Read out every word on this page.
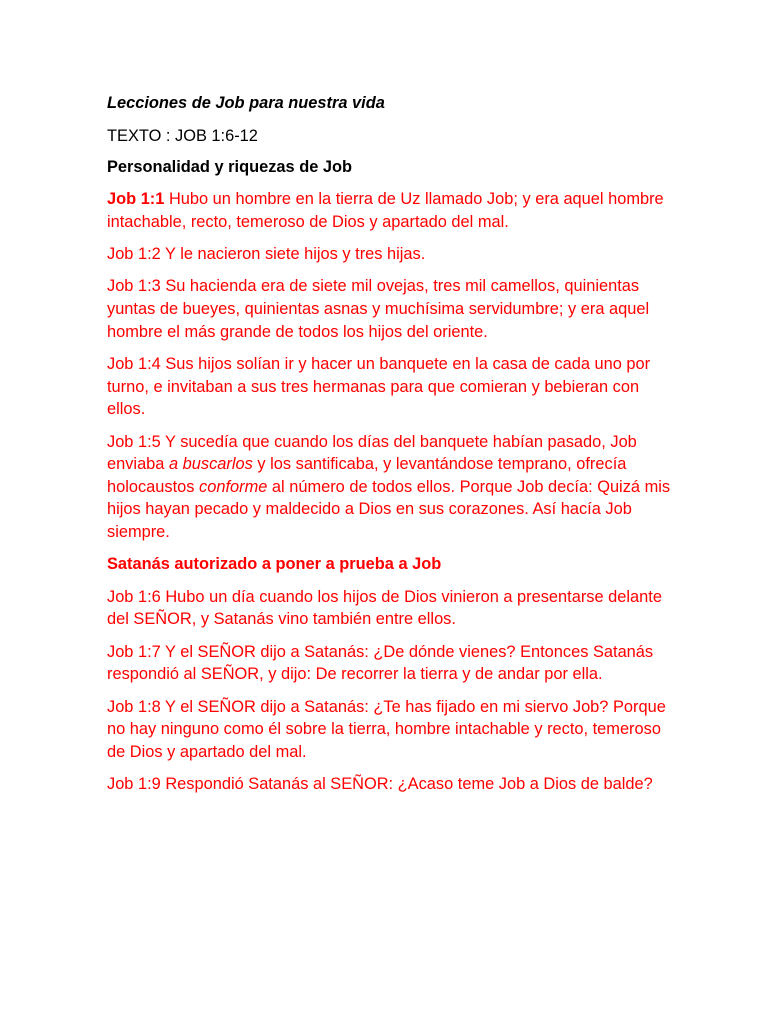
Lecciones de Job para nuestra vida

TEXTO : JOB 1:6-12

Personalidad y riquezas de Job

Job 1:1 Hubo un hombre en la tierra de Uz llamado Job; y era aquel hombre intachable, recto, temeroso de Dios y apartado del mal.

Job 1:2 Y le nacieron siete hijos y tres hijas.

Job 1:3 Su hacienda era de siete mil ovejas, tres mil camellos, quinientas yuntas de bueyes, quinientas asnas y muchísima servidumbre; y era aquel hombre el más grande de todos los hijos del oriente.

Job 1:4 Sus hijos solían ir y hacer un banquete en la casa de cada uno por turno, e invitaban a sus tres hermanas para que comieran y bebieran con ellos.

Job 1:5 Y sucedía que cuando los días del banquete habían pasado, Job enviaba a buscarlos y los santificaba, y levantándose temprano, ofrecía holocaustos conforme al número de todos ellos. Porque Job decía: Quizá mis hijos hayan pecado y maldecido a Dios en sus corazones. Así hacía Job siempre.

Satanás autorizado a poner a prueba a Job

Job 1:6 Hubo un día cuando los hijos de Dios vinieron a presentarse delante del SEÑOR, y Satanás vino también entre ellos.

Job 1:7 Y el SEÑOR dijo a Satanás: ¿De dónde vienes? Entonces Satanás respondió al SEÑOR, y dijo: De recorrer la tierra y de andar por ella.

Job 1:8 Y el SEÑOR dijo a Satanás: ¿Te has fijado en mi siervo Job? Porque no hay ninguno como él sobre la tierra, hombre intachable y recto, temeroso de Dios y apartado del mal.

Job 1:9 Respondió Satanás al SEÑOR: ¿Acaso teme Job a Dios de balde?
